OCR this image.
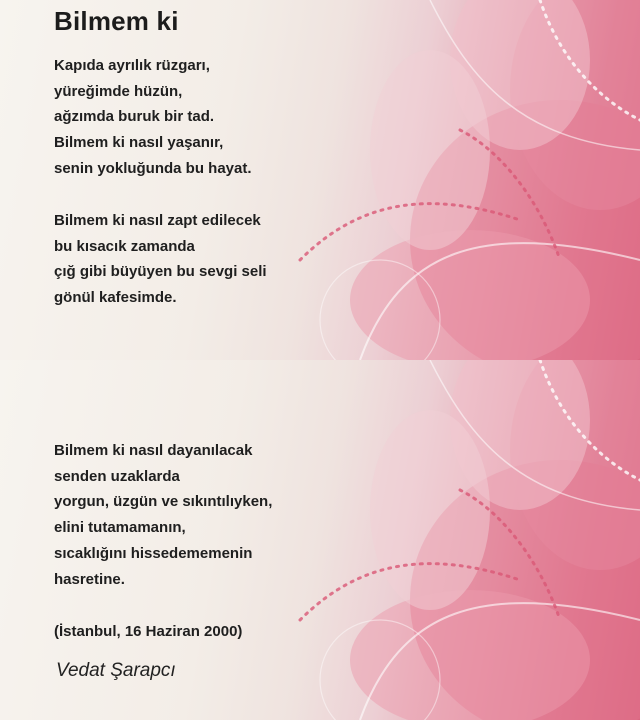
Bilmem ki
Kapıda ayrılık rüzgarı,
yüreğimde hüzün,
ağzımda buruk bir tad.
Bilmem ki nasıl yaşanır,
senin yokluğunda bu hayat.
Bilmem ki nasıl zapt edilecek
bu kısacık zamanda
çığ gibi büyüyen bu sevgi seli
gönül kafesimde.
Bilmem ki nasıl dayanılacak
senden uzaklarda
yorgun, üzgün ve sıkıntılıyken,
elini tutamamanın,
sıcaklığını hissedememenin
hasretine.
(İstanbul, 16 Haziran 2000)
Vedat Şarapcı
